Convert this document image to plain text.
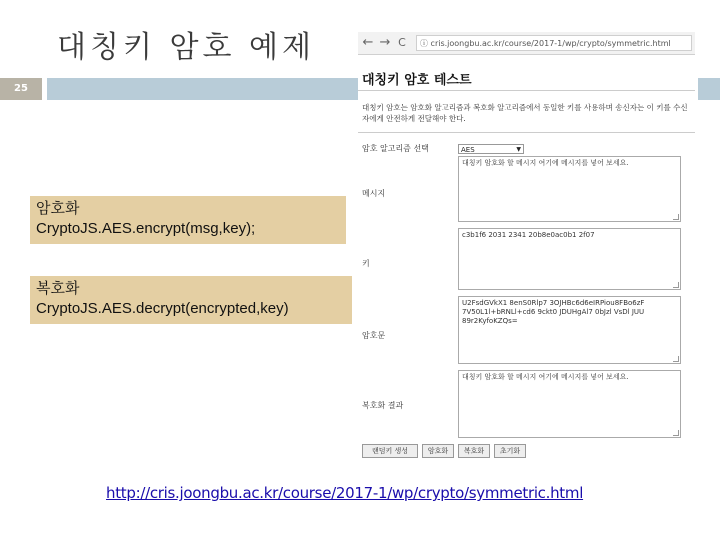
대칭키 암호 예제
25
암호화
CryptoJS.AES.encrypt(msg,key);
복호화
CryptoJS.AES.decrypt(encrypted,key)
← → C	ⓘ cris.joongbu.ac.kr/course/2017-1/wp/crypto/symmetric.html
대칭키 암호 테스트
대칭키 암호는 암호화 알고리즘과 복호화 알고리즘에서 동일한 키를 사용하며 송신자는 이 키를 수신자에게 안전하게 전달해야 한다.
암호 알고리즘 선택	AES	▼
메시지
대칭키 암호화 할 메시지 여기에 메시지를 넣어 보세요.
키
c3b1f6 2031 2341 20b8e0ac0b1 2f07
암호문
U2FsdGVkX1 8enS0Rlp7 3OJHBc6d6eIRPiou8FBo6zF 7V50L1l+bRNLl+cd6 9ckt0 JDUHgAl7 0bJzl VsDl JUU 89r2KyfoKZQs=
복호화 결과
대칭키 암호화 할 메시지 여기에 메시지를 넣어 보세요.
랜덤키 생성	암호화	복호화	초기화
http://cris.joongbu.ac.kr/course/2017-1/wp/crypto/symmetric.html
